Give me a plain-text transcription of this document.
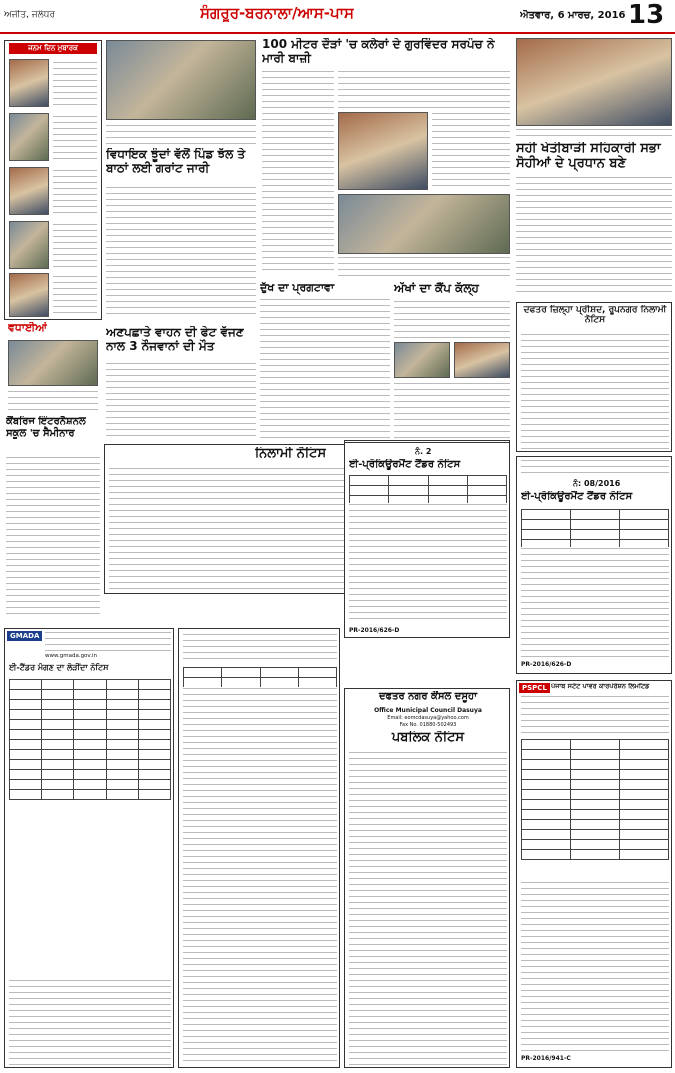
ਅਜੀਤ, ਜਲੰਧਰ	ਸੰਗਰੂਰ-ਬਰਨਾਲਾ/ਆਸ-ਪਾਸ	ਐਤਵਾਰ, 6 ਮਾਰਚ, 2016 13
ਜਨਮ ਦਿਨ ਮੁਬਾਰਕ
ਵਧਾਈਆਂ
ਕੈਂਬਰਿਜ ਇੰਟਰਨੈਸ਼ਨਲ ਸਕੂਲ 'ਚ ਸੈਮੀਨਾਰ
ਵਿਧਾਇਕ ਝੂੰਦਾਂ ਵੱਲੋਂ ਪਿੰਡ ਝੱਲ ਤੇ ਬਾਠਾਂ ਲਈ ਗਰਾਂਟ ਜਾਰੀ
ਅਣਪਛਾਤੇ ਵਾਹਨ ਦੀ ਫੇਟ ਵੱਜਣ ਨਾਲ 3 ਨੌਜਵਾਨਾਂ ਦੀ ਮੌਤ
ਦੁੱਖ ਦਾ ਪ੍ਰਗਟਾਵਾ
100 ਮੀਟਰ ਦੌੜਾਂ 'ਚ ਕਲੇਰਾਂ ਦੇ ਗੁਰਵਿੰਦਰ ਸਰਪੰਚ ਨੇ ਮਾਰੀ ਬਾਜ਼ੀ
ਅੱਖਾਂ ਦਾ ਕੈਂਪ ਕੱਲ੍ਹ
ਸਹੀ ਖੇਤੀਬਾੜੀ ਸਹਿਕਾਰੀ ਸਭਾ ਸੋਹੀਆਂ ਦੇ ਪ੍ਰਧਾਨ ਬਣੇ
ਦਫਤਰ ਜ਼ਿਲ੍ਹਾ ਪ੍ਰੀਸ਼ਦ, ਰੂਪਨਗਰ ਨਿਲਾਮੀ ਨੋਟਿਸ
ਨਿਲਾਮੀ ਨੋਟਿਸ	ਨੰ. 2
ਈ-ਪ੍ਰੋਕਿਊਰਮੈਂਟ ਟੈਂਡਰ ਨੋਟਿਸ

PR-2016/626-D
ਨੰ: 08/2016
ਈ-ਪ੍ਰੋਕਿਊਰਮੈਂਟ ਟੈਂਡਰ ਨੋਟਿਸ

PR-2016/626-D
GMADA
www.gmada.gov.in
ਈ-ਟੈਂਡਰ ਮੰਗਣ ਦਾ ਲੋੜੀਂਦਾ ਨੋਟਿਸ

ਦਫਤਰ ਨਗਰ ਕੌਂਸਲ ਦਸੂਹਾ
Office Municipal Council Dasuya
Email: eomcdasuya@yahoo.com
Fax No. 01880-502493
ਪਬਲਿਕ ਨੋਟਿਸ
PSPCL ਪੰਜਾਬ ਸਟੇਟ ਪਾਵਰ ਕਾਰਪੋਰੇਸ਼ਨ ਲਿਮਟਿਡ

PR-2016/941-C
